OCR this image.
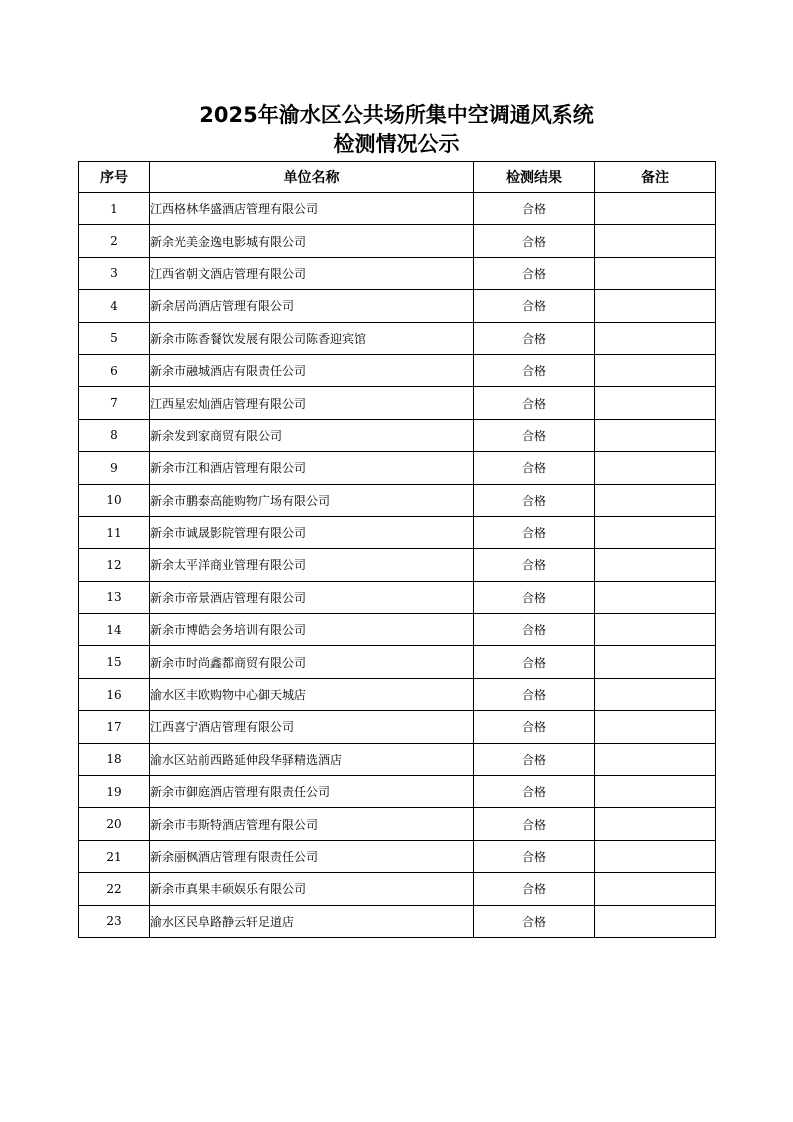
2025年渝水区公共场所集中空调通风系统
检测情况公示
序号	单位名称	检测结果	备注
1	江西格林华盛酒店管理有限公司	合格	
2	新余光美金逸电影城有限公司	合格	
3	江西省朝文酒店管理有限公司	合格	
4	新余居尚酒店管理有限公司	合格	
5	新余市陈香餐饮发展有限公司陈香迎宾馆	合格	
6	新余市融城酒店有限责任公司	合格	
7	江西星宏灿酒店管理有限公司	合格	
8	新余发到家商贸有限公司	合格	
9	新余市江和酒店管理有限公司	合格	
10	新余市鹏泰高能购物广场有限公司	合格	
11	新余市诚晟影院管理有限公司	合格	
12	新余太平洋商业管理有限公司	合格	
13	新余市帝景酒店管理有限公司	合格	
14	新余市博皓会务培训有限公司	合格	
15	新余市时尚鑫都商贸有限公司	合格	
16	渝水区丰欧购物中心御天城店	合格	
17	江西喜宁酒店管理有限公司	合格	
18	渝水区站前西路延伸段华驿精选酒店	合格	
19	新余市御庭酒店管理有限责任公司	合格	
20	新余市韦斯特酒店管理有限公司	合格	
21	新余丽枫酒店管理有限责任公司	合格	
22	新余市真果丰硕娱乐有限公司	合格	
23	渝水区民阜路静云轩足道店	合格	
